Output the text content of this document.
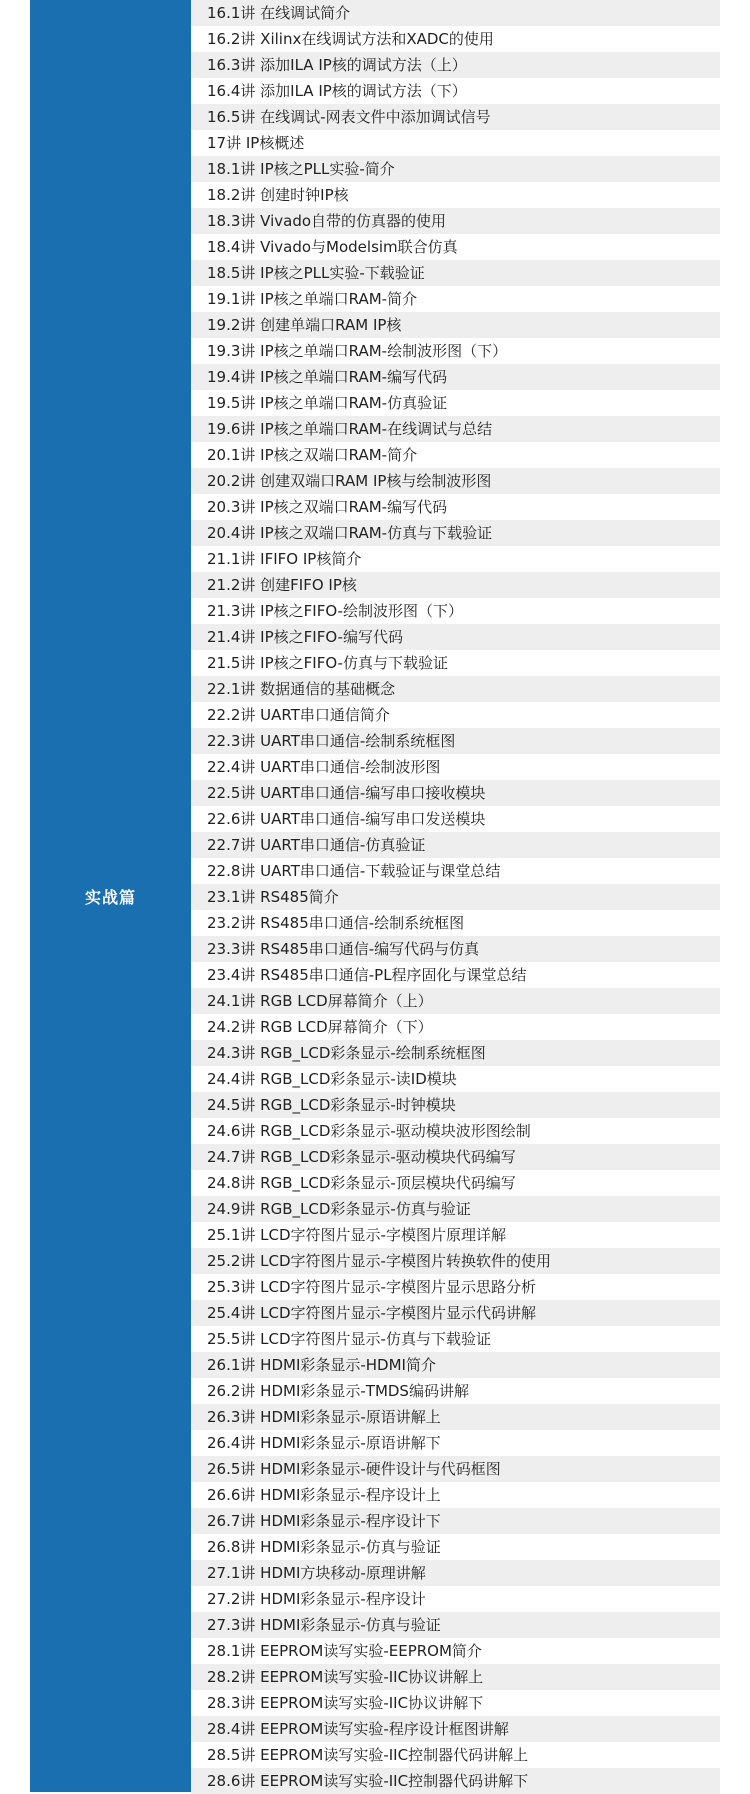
实战篇
16.1讲 在线调试简介
16.2讲 Xilinx在线调试方法和XADC的使用
16.3讲 添加ILA IP核的调试方法（上）
16.4讲 添加ILA IP核的调试方法（下）
16.5讲 在线调试-网表文件中添加调试信号
17讲 IP核概述
18.1讲 IP核之PLL实验-简介
18.2讲 创建时钟IP核
18.3讲 Vivado自带的仿真器的使用
18.4讲 Vivado与Modelsim联合仿真
18.5讲 IP核之PLL实验-下载验证
19.1讲 IP核之单端口RAM-简介
19.2讲 创建单端口RAM IP核
19.3讲 IP核之单端口RAM-绘制波形图（下）
19.4讲 IP核之单端口RAM-编写代码
19.5讲 IP核之单端口RAM-仿真验证
19.6讲 IP核之单端口RAM-在线调试与总结
20.1讲 IP核之双端口RAM-简介
20.2讲 创建双端口RAM IP核与绘制波形图
20.3讲 IP核之双端口RAM-编写代码
20.4讲 IP核之双端口RAM-仿真与下载验证
21.1讲 IFIFO IP核简介
21.2讲 创建FIFO IP核
21.3讲 IP核之FIFO-绘制波形图（下）
21.4讲 IP核之FIFO-编写代码
21.5讲 IP核之FIFO-仿真与下载验证
22.1讲 数据通信的基础概念
22.2讲 UART串口通信简介
22.3讲 UART串口通信-绘制系统框图
22.4讲 UART串口通信-绘制波形图
22.5讲 UART串口通信-编写串口接收模块
22.6讲 UART串口通信-编写串口发送模块
22.7讲 UART串口通信-仿真验证
22.8讲 UART串口通信-下载验证与课堂总结
23.1讲 RS485简介
23.2讲 RS485串口通信-绘制系统框图
23.3讲 RS485串口通信-编写代码与仿真
23.4讲 RS485串口通信-PL程序固化与课堂总结
24.1讲 RGB LCD屏幕简介（上）
24.2讲 RGB LCD屏幕简介（下）
24.3讲 RGB_LCD彩条显示-绘制系统框图
24.4讲 RGB_LCD彩条显示-读ID模块
24.5讲 RGB_LCD彩条显示-时钟模块
24.6讲 RGB_LCD彩条显示-驱动模块波形图绘制
24.7讲 RGB_LCD彩条显示-驱动模块代码编写
24.8讲 RGB_LCD彩条显示-顶层模块代码编写
24.9讲 RGB_LCD彩条显示-仿真与验证
25.1讲 LCD字符图片显示-字模图片原理详解
25.2讲 LCD字符图片显示-字模图片转换软件的使用
25.3讲 LCD字符图片显示-字模图片显示思路分析
25.4讲 LCD字符图片显示-字模图片显示代码讲解
25.5讲 LCD字符图片显示-仿真与下载验证
26.1讲 HDMI彩条显示-HDMI简介
26.2讲 HDMI彩条显示-TMDS编码讲解
26.3讲 HDMI彩条显示-原语讲解上
26.4讲 HDMI彩条显示-原语讲解下
26.5讲 HDMI彩条显示-硬件设计与代码框图
26.6讲 HDMI彩条显示-程序设计上
26.7讲 HDMI彩条显示-程序设计下
26.8讲 HDMI彩条显示-仿真与验证
27.1讲 HDMI方块移动-原理讲解
27.2讲 HDMI彩条显示-程序设计
27.3讲 HDMI彩条显示-仿真与验证
28.1讲 EEPROM读写实验-EEPROM简介
28.2讲 EEPROM读写实验-IIC协议讲解上
28.3讲 EEPROM读写实验-IIC协议讲解下
28.4讲 EEPROM读写实验-程序设计框图讲解
28.5讲 EEPROM读写实验-IIC控制器代码讲解上
28.6讲 EEPROM读写实验-IIC控制器代码讲解下
